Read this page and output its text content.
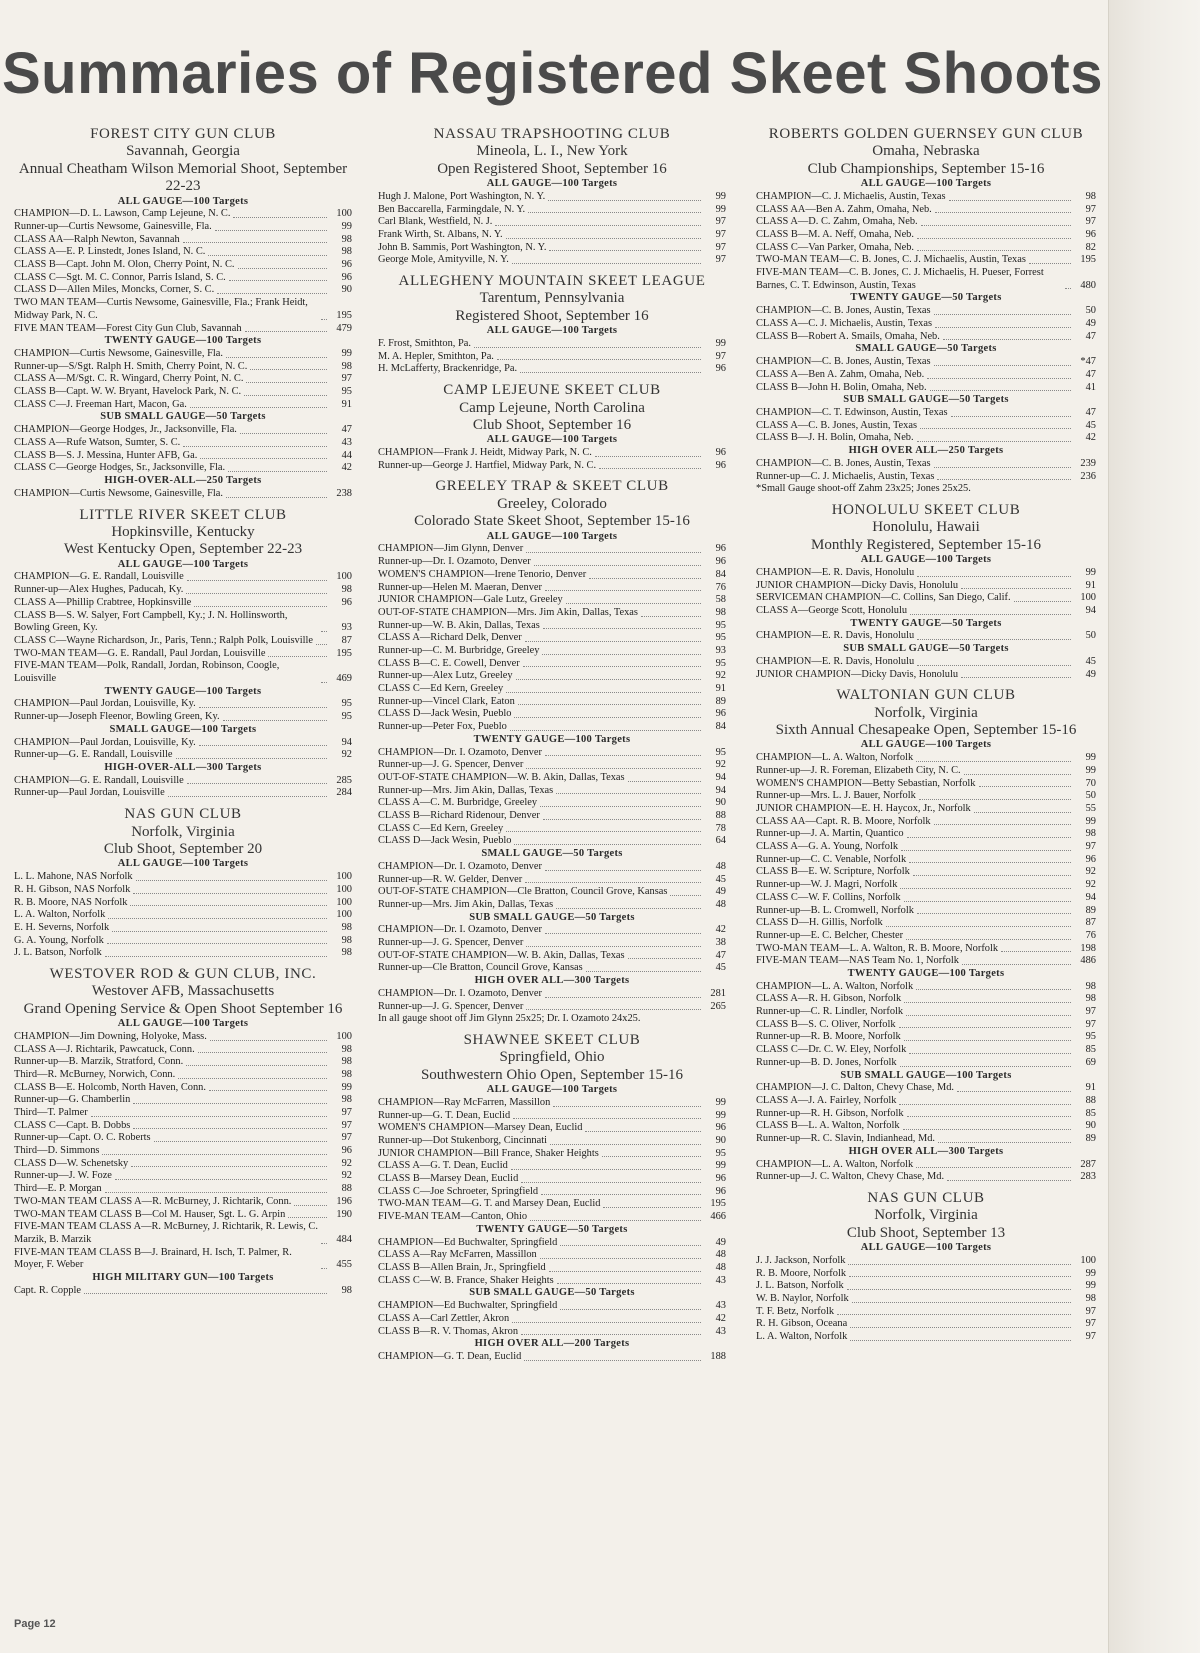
Summaries of Registered Skeet Shoots
FOREST CITY GUN CLUB
Savannah, Georgia
Annual Cheatham Wilson Memorial Shoot, September 22-23
ALL GAUGE—100 Targets
CHAMPION—D. L. Lawson, Camp Lejeune, N. C.	100
Runner-up—Curtis Newsome, Gainesville, Fla.	99
CLASS AA—Ralph Newton, Savannah	98
CLASS A—E. P. Linstedt, Jones Island, N. C.	98
CLASS B—Capt. John M. Olon, Cherry Point, N. C.	96
CLASS C—Sgt. M. C. Connor, Parris Island, S. C.	96
CLASS D—Allen Miles, Moncks, Corner, S. C.	90
TWO MAN TEAM—Curtis Newsome, Gainesville, Fla.; Frank Heidt, Midway Park, N. C.	195
FIVE MAN TEAM—Forest City Gun Club, Savannah	479
TWENTY GAUGE—100 Targets
CHAMPION—Curtis Newsome, Gainesville, Fla.	99
Runner-up—S/Sgt. Ralph H. Smith, Cherry Point, N. C.	98
CLASS A—M/Sgt. C. R. Wingard, Cherry Point, N. C.	97
CLASS B—Capt. W. W. Bryant, Havelock Park, N. C.	95
CLASS C—J. Freeman Hart, Macon, Ga.	91
SUB SMALL GAUGE—50 Targets
CHAMPION—George Hodges, Jr., Jacksonville, Fla.	47
CLASS A—Rufe Watson, Sumter, S. C.	43
CLASS B—S. J. Messina, Hunter AFB, Ga.	44
CLASS C—George Hodges, Sr., Jacksonville, Fla.	42
HIGH-OVER-ALL—250 Targets
CHAMPION—Curtis Newsome, Gainesville, Fla.	238
LITTLE RIVER SKEET CLUB
Hopkinsville, Kentucky
West Kentucky Open, September 22-23
ALL GAUGE—100 Targets
CHAMPION—G. E. Randall, Louisville	100
Runner-up—Alex Hughes, Paducah, Ky.	98
CLASS A—Phillip Crabtree, Hopkinsville	96
CLASS B—S. W. Salyer, Fort Campbell, Ky.; J. N. Hollinsworth, Bowling Green, Ky.	93
CLASS C—Wayne Richardson, Jr., Paris, Tenn.; Ralph Polk, Louisville	87
TWO-MAN TEAM—G. E. Randall, Paul Jordan, Louisville	195
FIVE-MAN TEAM—Polk, Randall, Jordan, Robinson, Coogle, Louisville	469
TWENTY GAUGE—100 Targets
CHAMPION—Paul Jordan, Louisville, Ky.	95
Runner-up—Joseph Fleenor, Bowling Green, Ky.	95
SMALL GAUGE—100 Targets
CHAMPION—Paul Jordan, Louisville, Ky.	94
Runner-up—G. E. Randall, Louisville	92
HIGH-OVER-ALL—300 Targets
CHAMPION—G. E. Randall, Louisville	285
Runner-up—Paul Jordan, Louisville	284
NAS GUN CLUB
Norfolk, Virginia
Club Shoot, September 20
ALL GAUGE—100 Targets
L. L. Mahone, NAS Norfolk	100
R. H. Gibson, NAS Norfolk	100
R. B. Moore, NAS Norfolk	100
L. A. Walton, Norfolk	100
E. H. Severns, Norfolk	98
G. A. Young, Norfolk	98
J. L. Batson, Norfolk	98
WESTOVER ROD & GUN CLUB, INC.
Westover AFB, Massachusetts
Grand Opening Service & Open Shoot September 16
ALL GAUGE—100 Targets
CHAMPION—Jim Downing, Holyoke, Mass.	100
CLASS A—J. Richtarik, Pawcatuck, Conn.	98
Runner-up—B. Marzik, Stratford, Conn.	98
Third—R. McBurney, Norwich, Conn.	98
CLASS B—E. Holcomb, North Haven, Conn.	99
Runner-up—G. Chamberlin	98
Third—T. Palmer	97
CLASS C—Capt. B. Dobbs	97
Runner-up—Capt. O. C. Roberts	97
Third—D. Simmons	96
CLASS D—W. Schenetsky	92
Runner-up—J. W. Foze	92
Third—E. P. Morgan	88
TWO-MAN TEAM CLASS A—R. McBurney, J. Richtarik, Conn.	196
TWO-MAN TEAM CLASS B—Col M. Hauser, Sgt. L. G. Arpin	190
FIVE-MAN TEAM CLASS A—R. McBurney, J. Richtarik, R. Lewis, C. Marzik, B. Marzik	484
FIVE-MAN TEAM CLASS B—J. Brainard, H. Isch, T. Palmer, R. Moyer, F. Weber	455
HIGH MILITARY GUN—100 Targets
Capt. R. Copple	98
NASSAU TRAPSHOOTING CLUB
Mineola, L. I., New York
Open Registered Shoot, September 16
ALL GAUGE—100 Targets
Hugh J. Malone, Port Washington, N. Y.	99
Ben Baccarella, Farmingdale, N. Y.	99
Carl Blank, Westfield, N. J.	97
Frank Wirth, St. Albans, N. Y.	97
John B. Sammis, Port Washington, N. Y.	97
George Mole, Amityville, N. Y.	97
ALLEGHENY MOUNTAIN SKEET LEAGUE
Tarentum, Pennsylvania
Registered Shoot, September 16
ALL GAUGE—100 Targets
F. Frost, Smithton, Pa.	99
M. A. Hepler, Smithton, Pa.	97
H. McLafferty, Brackenridge, Pa.	96
CAMP LEJEUNE SKEET CLUB
Camp Lejeune, North Carolina
Club Shoot, September 16
ALL GAUGE—100 Targets
CHAMPION—Frank J. Heidt, Midway Park, N. C.	96
Runner-up—George J. Hartfiel, Midway Park, N. C.	96
GREELEY TRAP & SKEET CLUB
Greeley, Colorado
Colorado State Skeet Shoot, September 15-16
ALL GAUGE—100 Targets
CHAMPION—Jim Glynn, Denver	96
Runner-up—Dr. I. Ozamoto, Denver	96
WOMEN'S CHAMPION—Irene Tenorio, Denver	84
Runner-up—Helen M. Maeran, Denver	76
JUNIOR CHAMPION—Gale Lutz, Greeley	58
OUT-OF-STATE CHAMPION—Mrs. Jim Akin, Dallas, Texas	98
Runner-up—W. B. Akin, Dallas, Texas	95
CLASS A—Richard Delk, Denver	95
Runner-up—C. M. Burbridge, Greeley	93
CLASS B—C. E. Cowell, Denver	95
Runner-up—Alex Lutz, Greeley	92
CLASS C—Ed Kern, Greeley	91
Runner-up—Vincel Clark, Eaton	89
CLASS D—Jack Wesin, Pueblo	96
Runner-up—Peter Fox, Pueblo	84
TWENTY GAUGE—100 Targets
CHAMPION—Dr. I. Ozamoto, Denver	95
Runner-up—J. G. Spencer, Denver	92
OUT-OF-STATE CHAMPION—W. B. Akin, Dallas, Texas	94
Runner-up—Mrs. Jim Akin, Dallas, Texas	94
CLASS A—C. M. Burbridge, Greeley	90
CLASS B—Richard Ridenour, Denver	88
CLASS C—Ed Kern, Greeley	78
CLASS D—Jack Wesin, Pueblo	64
SMALL GAUGE—50 Targets
CHAMPION—Dr. I. Ozamoto, Denver	48
Runner-up—R. W. Gelder, Denver	45
OUT-OF-STATE CHAMPION—Cle Bratton, Council Grove, Kansas	49
Runner-up—Mrs. Jim Akin, Dallas, Texas	48
SUB SMALL GAUGE—50 Targets
CHAMPION—Dr. I. Ozamoto, Denver	42
Runner-up—J. G. Spencer, Denver	38
OUT-OF-STATE CHAMPION—W. B. Akin, Dallas, Texas	47
Runner-up—Cle Bratton, Council Grove, Kansas	45
HIGH OVER ALL—300 Targets
CHAMPION—Dr. I. Ozamoto, Denver	281
Runner-up—J. G. Spencer, Denver	265
In all gauge shoot off Jim Glynn 25x25; Dr. I. Ozamoto 24x25.
SHAWNEE SKEET CLUB
Springfield, Ohio
Southwestern Ohio Open, September 15-16
ALL GAUGE—100 Targets
CHAMPION—Ray McFarren, Massillon	99
Runner-up—G. T. Dean, Euclid	99
WOMEN'S CHAMPION—Marsey Dean, Euclid	96
Runner-up—Dot Stukenborg, Cincinnati	90
JUNIOR CHAMPION—Bill France, Shaker Heights	95
CLASS A—G. T. Dean, Euclid	99
CLASS B—Marsey Dean, Euclid	96
CLASS C—Joe Schroeter, Springfield	96
TWO-MAN TEAM—G. T. and Marsey Dean, Euclid	195
FIVE-MAN TEAM—Canton, Ohio	466
TWENTY GAUGE—50 Targets
CHAMPION—Ed Buchwalter, Springfield	49
CLASS A—Ray McFarren, Massillon	48
CLASS B—Allen Brain, Jr., Springfield	48
CLASS C—W. B. France, Shaker Heights	43
SUB SMALL GAUGE—50 Targets
CHAMPION—Ed Buchwalter, Springfield	43
CLASS A—Carl Zettler, Akron	42
CLASS B—R. V. Thomas, Akron	43
HIGH OVER ALL—200 Targets
CHAMPION—G. T. Dean, Euclid	188
ROBERTS GOLDEN GUERNSEY GUN CLUB
Omaha, Nebraska
Club Championships, September 15-16
ALL GAUGE—100 Targets
CHAMPION—C. J. Michaelis, Austin, Texas	98
CLASS AA—Ben A. Zahm, Omaha, Neb.	97
CLASS A—D. C. Zahm, Omaha, Neb.	97
CLASS B—M. A. Neff, Omaha, Neb.	96
CLASS C—Van Parker, Omaha, Neb.	82
TWO-MAN TEAM—C. B. Jones, C. J. Michaelis, Austin, Texas	195
FIVE-MAN TEAM—C. B. Jones, C. J. Michaelis, H. Pueser, Forrest Barnes, C. T. Edwinson, Austin, Texas	480
TWENTY GAUGE—50 Targets
CHAMPION—C. B. Jones, Austin, Texas	50
CLASS A—C. J. Michaelis, Austin, Texas	49
CLASS B—Robert A. Smails, Omaha, Neb.	47
SMALL GAUGE—50 Targets
CHAMPION—C. B. Jones, Austin, Texas	*47
CLASS A—Ben A. Zahm, Omaha, Neb.	47
CLASS B—John H. Bolin, Omaha, Neb.	41
SUB SMALL GAUGE—50 Targets
CHAMPION—C. T. Edwinson, Austin, Texas	47
CLASS A—C. B. Jones, Austin, Texas	45
CLASS B—J. H. Bolin, Omaha, Neb.	42
HIGH OVER ALL—250 Targets
CHAMPION—C. B. Jones, Austin, Texas	239
Runner-up—C. J. Michaelis, Austin, Texas	236
*Small Gauge shoot-off Zahm 23x25; Jones 25x25.
HONOLULU SKEET CLUB
Honolulu, Hawaii
Monthly Registered, September 15-16
ALL GAUGE—100 Targets
CHAMPION—E. R. Davis, Honolulu	99
JUNIOR CHAMPION—Dicky Davis, Honolulu	91
SERVICEMAN CHAMPION—C. Collins, San Diego, Calif.	100
CLASS A—George Scott, Honolulu	94
TWENTY GAUGE—50 Targets
CHAMPION—E. R. Davis, Honolulu	50
SUB SMALL GAUGE—50 Targets
CHAMPION—E. R. Davis, Honolulu	45
JUNIOR CHAMPION—Dicky Davis, Honolulu	49
WALTONIAN GUN CLUB
Norfolk, Virginia
Sixth Annual Chesapeake Open, September 15-16
ALL GAUGE—100 Targets
CHAMPION—L. A. Walton, Norfolk	99
Runner-up—J. R. Foreman, Elizabeth City, N. C.	99
WOMEN'S CHAMPION—Betty Sebastian, Norfolk	70
Runner-up—Mrs. L. J. Bauer, Norfolk	50
JUNIOR CHAMPION—E. H. Haycox, Jr., Norfolk	55
CLASS AA—Capt. R. B. Moore, Norfolk	99
Runner-up—J. A. Martin, Quantico	98
CLASS A—G. A. Young, Norfolk	97
Runner-up—C. C. Venable, Norfolk	96
CLASS B—E. W. Scripture, Norfolk	92
Runner-up—W. J. Magri, Norfolk	92
CLASS C—W. F. Collins, Norfolk	94
Runner-up—B. L. Cromwell, Norfolk	89
CLASS D—H. Gillis, Norfolk	87
Runner-up—E. C. Belcher, Chester	76
TWO-MAN TEAM—L. A. Walton, R. B. Moore, Norfolk	198
FIVE-MAN TEAM—NAS Team No. 1, Norfolk	486
TWENTY GAUGE—100 Targets
CHAMPION—L. A. Walton, Norfolk	98
CLASS A—R. H. Gibson, Norfolk	98
Runner-up—C. R. Lindler, Norfolk	97
CLASS B—S. C. Oliver, Norfolk	97
Runner-up—R. B. Moore, Norfolk	95
CLASS C—Dr. C. W. Eley, Norfolk	85
Runner-up—B. D. Jones, Norfolk	69
SUB SMALL GAUGE—100 Targets
CHAMPION—J. C. Dalton, Chevy Chase, Md.	91
CLASS A—J. A. Fairley, Norfolk	88
Runner-up—R. H. Gibson, Norfolk	85
CLASS B—L. A. Walton, Norfolk	90
Runner-up—R. C. Slavin, Indianhead, Md.	89
HIGH OVER ALL—300 Targets
CHAMPION—L. A. Walton, Norfolk	287
Runner-up—J. C. Walton, Chevy Chase, Md.	283
NAS GUN CLUB
Norfolk, Virginia
Club Shoot, September 13
ALL GAUGE—100 Targets
J. J. Jackson, Norfolk	100
R. B. Moore, Norfolk	99
J. L. Batson, Norfolk	99
W. B. Naylor, Norfolk	98
T. F. Betz, Norfolk	97
R. H. Gibson, Oceana	97
L. A. Walton, Norfolk	97
Page 12
